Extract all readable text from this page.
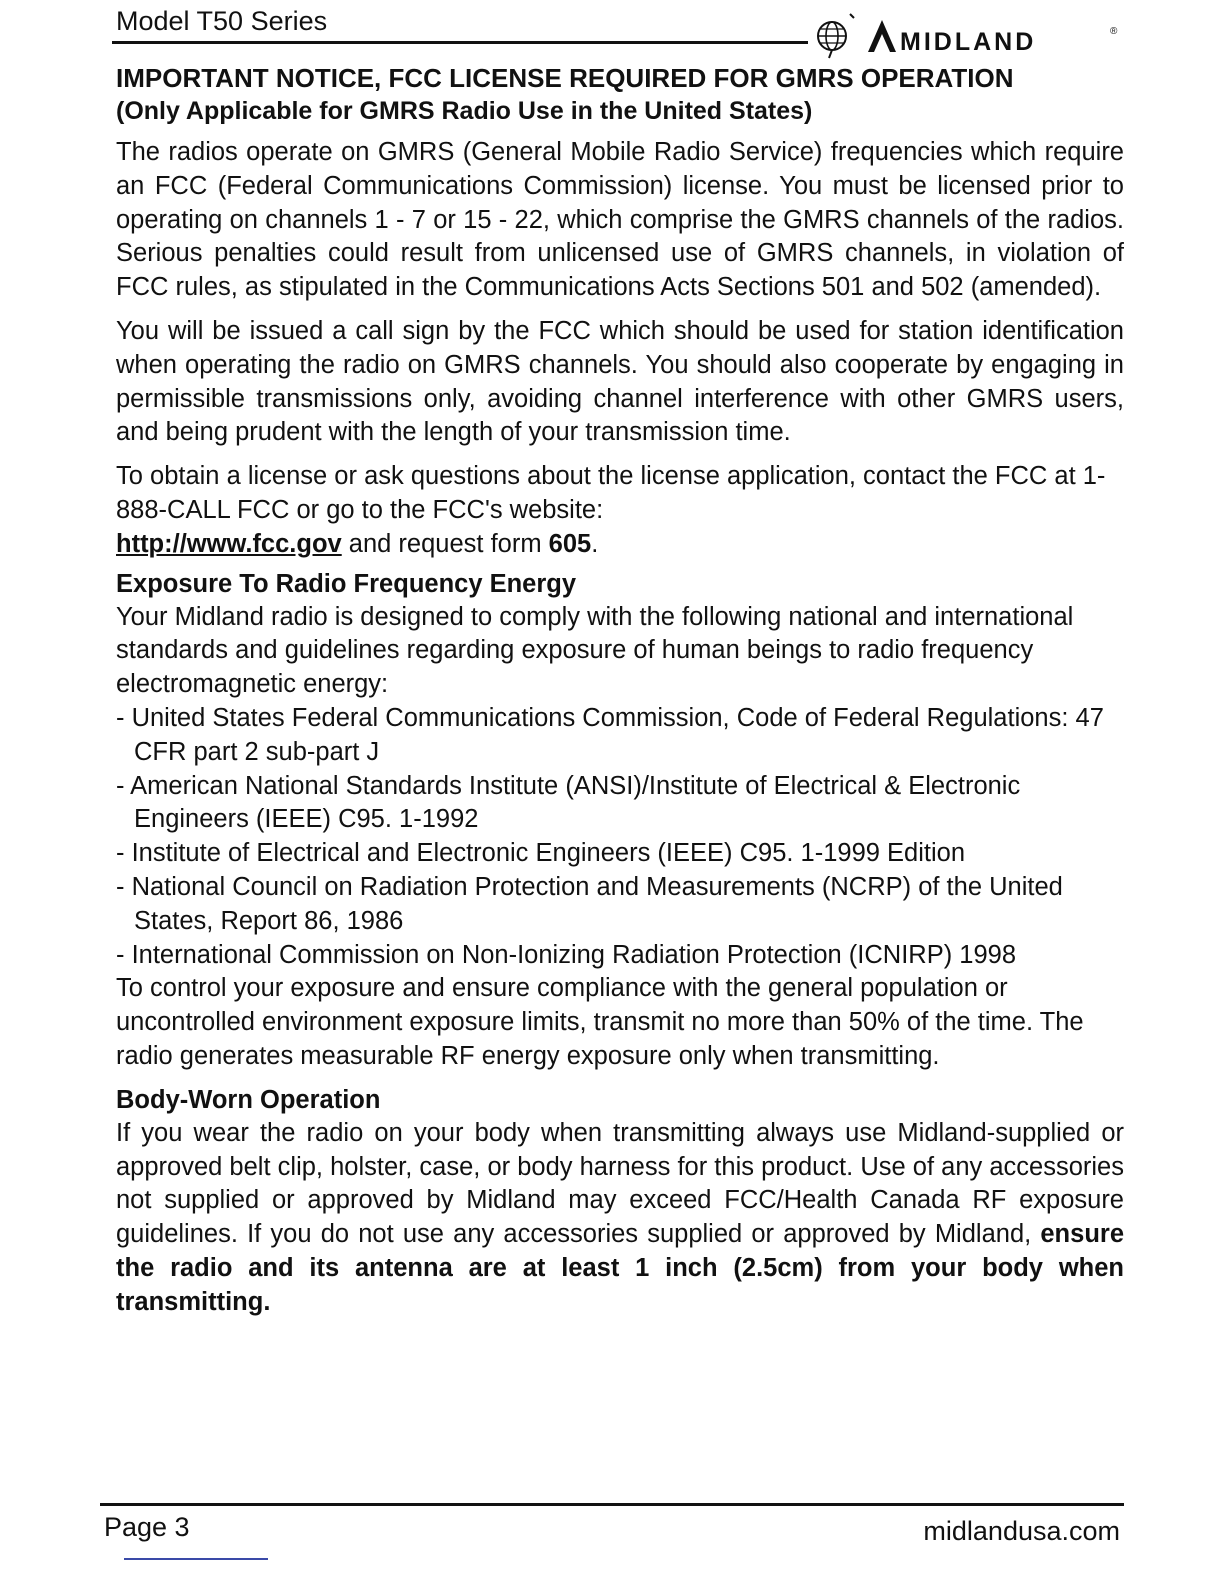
Model T50 Series
MIDLAND	®

IMPORTANT NOTICE, FCC LICENSE REQUIRED FOR GMRS OPERATION

(Only Applicable for GMRS Radio Use in the United States)

The radios operate on GMRS (General Mobile Radio Service) frequencies which require an FCC (Federal Communications Commission) license. You must be licensed prior to operating on channels 1 - 7 or 15 - 22, which comprise the GMRS channels of the radios. Serious penalties could result from unlicensed use of GMRS channels, in violation of FCC rules, as stipulated in the Communications Acts Sections 501 and 502 (amended).

You will be issued a call sign by the FCC which should be used for station identification when operating the radio on GMRS channels. You should also cooperate by engaging in permissible transmissions only, avoiding channel interference with other GMRS users, and being prudent with the length of your transmission time.

To obtain a license or ask questions about the license application, contact the FCC at 1-888-CALL FCC or go to the FCC's website:
http://www.fcc.gov and request form 605.

Exposure To Radio Frequency Energy

Your Midland radio is designed to comply with the following national and international standards and guidelines regarding exposure of human beings to radio frequency electromagnetic energy:

- United States Federal Communications Commission, Code of Federal Regulations: 47 CFR part 2 sub-part J
- American National Standards Institute (ANSI)/Institute of Electrical & Electronic Engineers (IEEE) C95. 1-1992
- Institute of Electrical and Electronic Engineers (IEEE) C95. 1-1999 Edition
- National Council on Radiation Protection and Measurements (NCRP) of the United States, Report 86, 1986
- International Commission on Non-Ionizing Radiation Protection (ICNIRP) 1998

To control your exposure and ensure compliance with the general population or uncontrolled environment exposure limits, transmit no more than 50% of the time. The radio generates measurable RF energy exposure only when transmitting.

Body-Worn Operation

If you wear the radio on your body when transmitting always use Midland-supplied or approved belt clip, holster, case, or body harness for this product. Use of any accessories not supplied or approved by Midland may exceed FCC/Health Canada RF exposure guidelines. If you do not use any accessories supplied or approved by Midland, ensure the radio and its antenna are at least 1 inch (2.5cm) from your body when transmitting.

Page 3	midlandusa.com
